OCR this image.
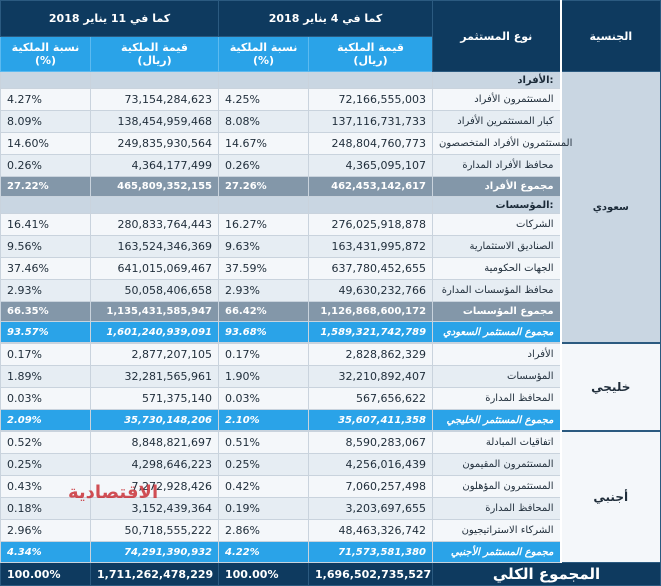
كما في 11 يناير 2018		كما في 4 يناير 2018		نوع المستثمر	الجنسية
نسبة الملكية
(%)	قيمة الملكية
(ريال)	نسبة الملكية
(%)	قيمة الملكية
(ريال)		
				الأفراد:	سعودي
4.27%	73,154,284,623	4.25%	72,166,555,003	المستثمرون الأفراد	
8.09%	138,454,959,468	8.08%	137,116,731,733	كبار المستثمرين الأفراد	
14.60%	249,835,930,564	14.67%	248,804,760,773	المستثمرون الأفراد المتخصصون	
0.26%	4,364,177,499	0.26%	4,365,095,107	محافظ الأفراد المدارة	
27.22%	465,809,352,155	27.26%	462,453,142,617	مجموع الأفراد	
				المؤسسات:	
16.41%	280,833,764,443	16.27%	276,025,918,878	الشركات	
9.56%	163,524,346,369	9.63%	163,431,995,872	الصناديق الاستثمارية	
37.46%	641,015,069,467	37.59%	637,780,452,655	الجهات الحكومية	
2.93%	50,058,406,658	2.93%	49,630,232,766	محافظ المؤسسات المدارة	
66.35%	1,135,431,585,947	66.42%	1,126,868,600,172	مجموع المؤسسات	
93.57%	1,601,240,939,091	93.68%	1,589,321,742,789	مجموع المستثمر السعودي	
0.17%	2,877,207,105	0.17%	2,828,862,329	الأفراد	خليجي
1.89%	32,281,565,961	1.90%	32,210,892,407	المؤسسات	
0.03%	571,375,140	0.03%	567,656,622	المحافظ المدارة	
2.09%	35,730,148,206	2.10%	35,607,411,358	مجموع المستثمر الخليجي	
0.52%	8,848,821,697	0.51%	8,590,283,067	اتفاقيات المبادلة	أجنبي
0.25%	4,298,646,223	0.25%	4,256,016,439	المستثمرون المقيمون	
0.43%	7,272,928,426	0.42%	7,060,257,498	المستثمرون المؤهلون	
0.18%	3,152,439,364	0.19%	3,203,697,655	المحافظ المدارة	
2.96%	50,718,555,222	2.86%	48,463,326,742	الشركاء الاستراتيجيون	
4.34%	74,291,390,932	4.22%	71,573,581,380	مجموع المستثمر الأجنبي	
100.00%	1,711,262,478,229	100.00%	1,696,502,735,527	المجموع الكلي	
الاقتصادية
